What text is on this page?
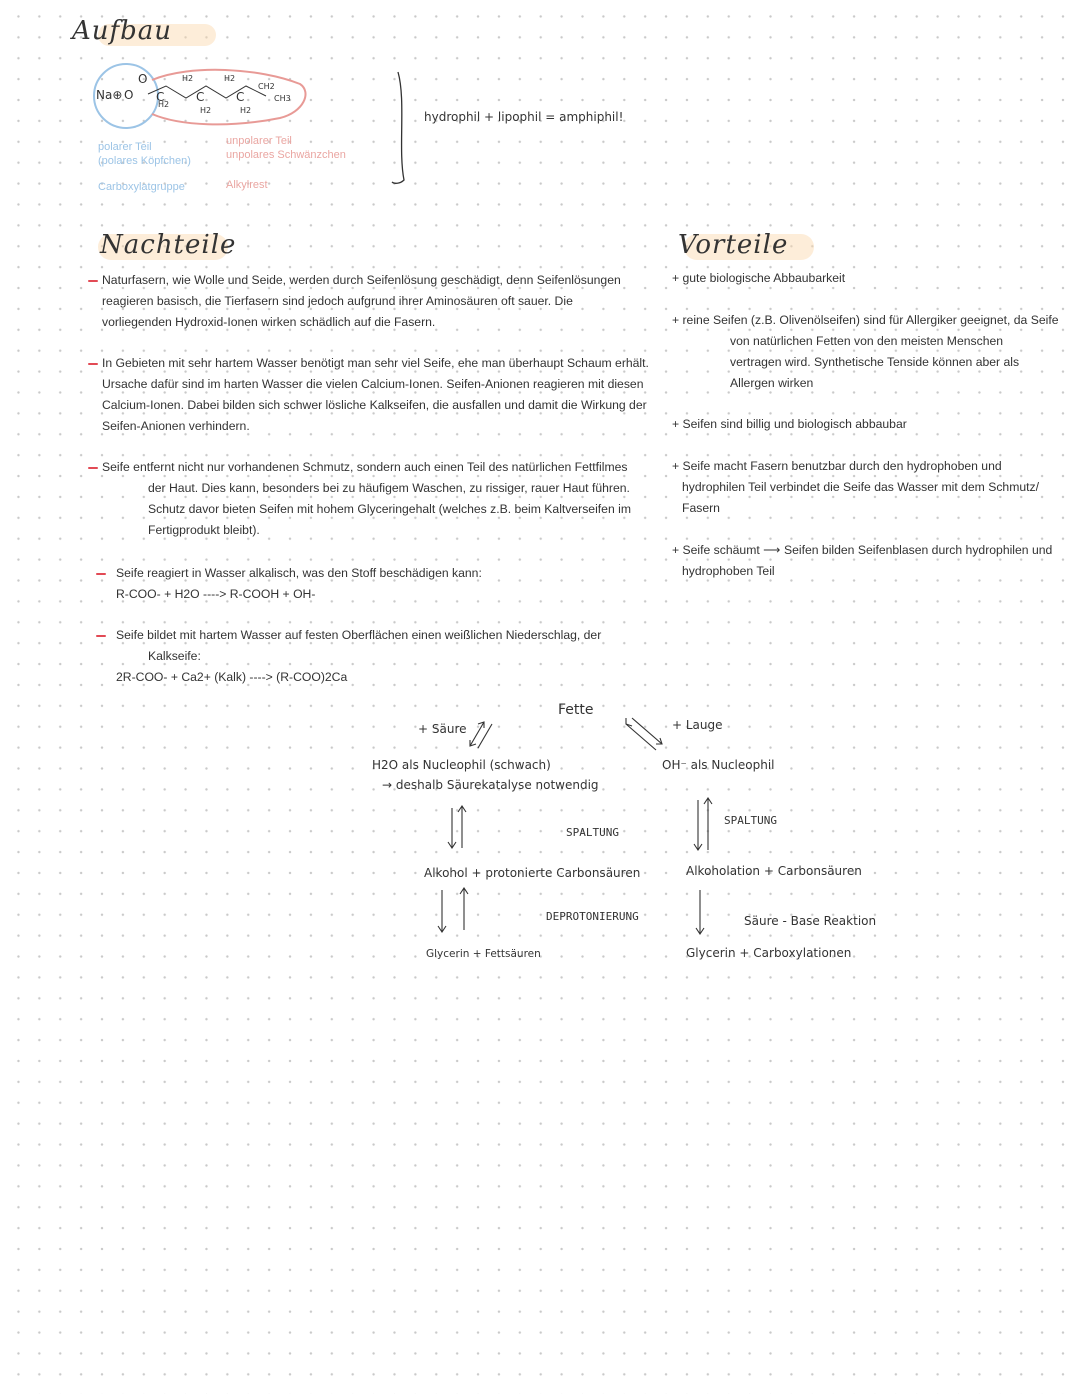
Aufbau
Nachteile	Vorteile
Na⊕
O
O C	C	C
H2
H2
H2
H2
H2
CH2
CH3
polarer Teil
(polares Köpfchen)
Carboxylatgruppe
unpolarer Teil
unpolares Schwänzchen
Alkylrest
hydrophil + lipophil = amphiphil!

Naturfasern, wie Wolle und Seide, werden durch Seifenlösung geschädigt, denn Seifenlösungen

reagieren basisch, die Tierfasern sind jedoch aufgrund ihrer Aminosäuren oft sauer. Die

vorliegenden Hydroxid-Ionen wirken schädlich auf die Fasern.

In Gebieten mit sehr hartem Wasser benötigt man sehr viel Seife, ehe man überhaupt Schaum erhält.

Ursache dafür sind im harten Wasser die vielen Calcium-Ionen. Seifen-Anionen reagieren mit diesen

Calcium-Ionen. Dabei bilden sich schwer lösliche Kalkseifen, die ausfallen und damit die Wirkung der

Seifen-Anionen verhindern.

Seife entfernt nicht nur vorhandenen Schmutz, sondern auch einen Teil des natürlichen Fettfilmes

der Haut. Dies kann, besonders bei zu häufigem Waschen, zu rissiger, rauer Haut führen.

Schutz davor bieten Seifen mit hohem Glyceringehalt (welches z.B. beim Kaltverseifen im

Fertigprodukt bleibt).

Seife reagiert in Wasser alkalisch, was den Stoff beschädigen kann:

R-COO- + H2O ----> R-COOH + OH-

Seife bildet mit hartem Wasser auf festen Oberflächen einen weißlichen Niederschlag, der

Kalkseife:

2R-COO- + Ca2+ (Kalk) ----> (R-COO)2Ca

+ gute biologische Abbaubarkeit

+ reine Seifen (z.B. Olivenölseifen) sind für Allergiker geeignet, da Seife

von natürlichen Fetten von den meisten Menschen

vertragen wird. Synthetische Tenside können aber als

Allergen wirken

+ Seifen sind billig und biologisch abbaubar

+ Seife macht Fasern benutzbar durch den hydrophoben und

hydrophilen Teil verbindet die Seife das Wasser mit dem Schmutz/

Fasern

+ Seife schäumt ⟶ Seifen bilden Seifenblasen durch hydrophilen und

hydrophoben Teil

Fette
+ Säure	+ Lauge
H2O als Nucleophil (schwach)
→ deshalb Säurekatalyse notwendig
OH⁻ als Nucleophil
SPALTUNG
SPALTUNG
Alkohol + protonierte Carbonsäuren	Alkoholation + Carbonsäuren
DEPROTONIERUNG	Säure - Base Reaktion
Glycerin + Fettsäuren	Glycerin + Carboxylationen
